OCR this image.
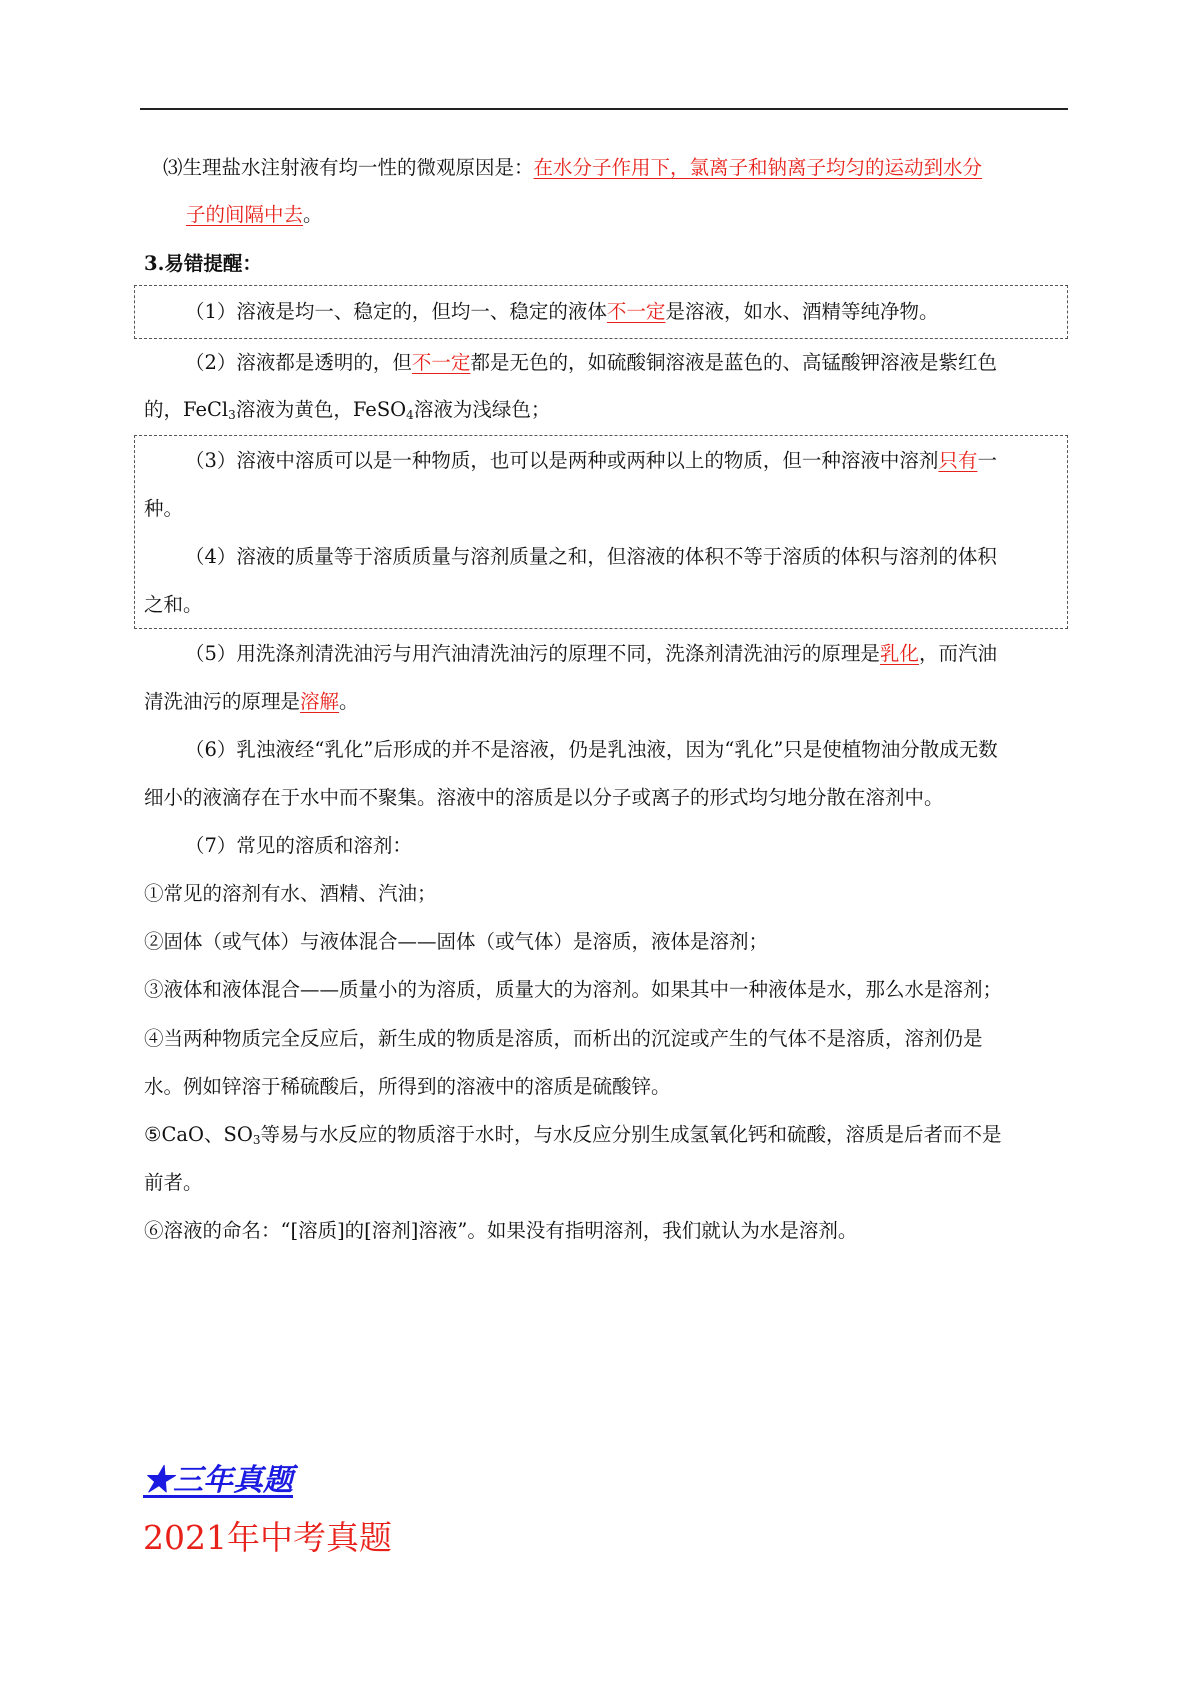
⑶生理盐水注射液有均一性的微观原因是：在水分子作用下，氯离子和钠离子均匀的运动到水分
子的间隔中去。
3.易错提醒：
（1）溶液是均一、稳定的，但均一、稳定的液体不一定是溶液，如水、酒精等纯净物。
（2）溶液都是透明的，但不一定都是无色的，如硫酸铜溶液是蓝色的、高锰酸钾溶液是紫红色
的，FeCl$_3$溶液为黄色，FeSO$_4$溶液为浅绿色；
（3）溶液中溶质可以是一种物质，也可以是两种或两种以上的物质，但一种溶液中溶剂只有一
种。
（4）溶液的质量等于溶质质量与溶剂质量之和，但溶液的体积不等于溶质的体积与溶剂的体积
之和。
（5）用洗涤剂清洗油污与用汽油清洗油污的原理不同，洗涤剂清洗油污的原理是乳化，而汽油
清洗油污的原理是溶解。
（6）乳浊液经“乳化”后形成的并不是溶液，仍是乳浊液，因为“乳化”只是使植物油分散成无数
细小的液滴存在于水中而不聚集。溶液中的溶质是以分子或离子的形式均匀地分散在溶剂中。
（7）常见的溶质和溶剂：
①常见的溶剂有水、酒精、汽油；
②固体（或气体）与液体混合——固体（或气体）是溶质，液体是溶剂；
③液体和液体混合——质量小的为溶质，质量大的为溶剂。如果其中一种液体是水，那么水是溶剂；
④当两种物质完全反应后，新生成的物质是溶质，而析出的沉淀或产生的气体不是溶质，溶剂仍是
水。例如锌溶于稀硫酸后，所得到的溶液中的溶质是硫酸锌。
⑤CaO、$SO_3$等易与水反应的物质溶于水时，与水反应分别生成氢氧化钙和硫酸，溶质是后者而不是
前者。
⑥溶液的命名：“[溶质]的[溶剂]溶液”。如果没有指明溶剂，我们就认为水是溶剂。
★三年真题
2021年中考真题
